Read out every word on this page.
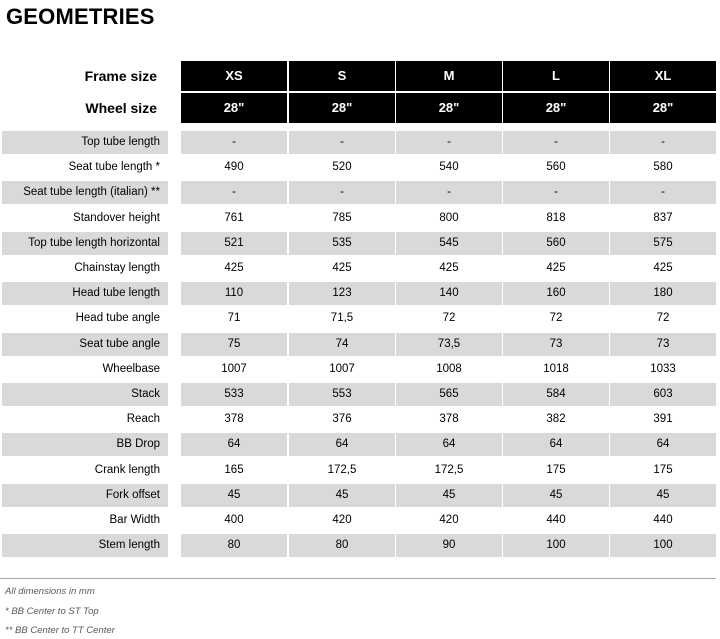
GEOMETRIES
Frame size	XS	S	M	L	XL
Wheel size	28"	28"	28"	28"	28"
Top tube length	-	-	-	-	-
Seat tube length *	490	520	540	560	580
Seat tube length (italian) **	-	-	-	-	-
Standover height	761	785	800	818	837
Top tube length horizontal	521	535	545	560	575
Chainstay length	425	425	425	425	425
Head tube length	110	123	140	160	180
Head tube angle	71	71,5	72	72	72
Seat tube angle	75	74	73,5	73	73
Wheelbase	1007	1007	1008	1018	1033
Stack	533	553	565	584	603
Reach	378	376	378	382	391
BB Drop	64	64	64	64	64
Crank length	165	172,5	172,5	175	175
Fork offset	45	45	45	45	45
Bar Width	400	420	420	440	440
Stem length	80	80	90	100	100
All dimensions in mm
* BB Center to ST Top
** BB Center to TT Center
